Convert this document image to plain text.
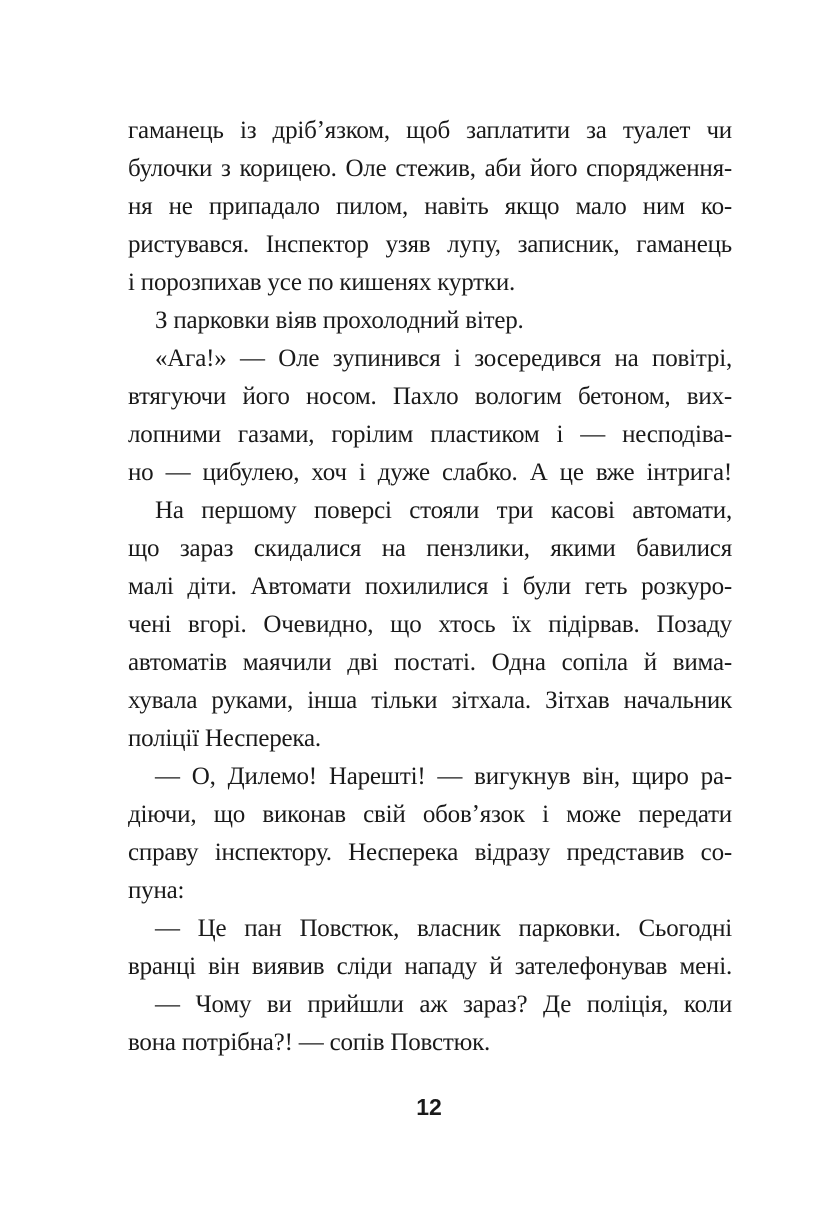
гаманець із дрібʼязком, щоб заплатити за туалет чи
булочки з корицею. Оле стежив, аби його спорядження-
ня не припадало пилом, навіть якщо мало ним ко-
ристувався. Інспектор узяв лупу, записник, гаманець
і порозпихав усе по кишенях куртки.
З парковки віяв прохолодний вітер.
«Ага!» — Оле зупинився і зосередився на повітрі,
втягуючи його носом. Пахло вологим бетоном, вих-
лопними газами, горілим пластиком і — несподіва-
но — цибулею, хоч і дуже слабко. А це вже інтрига!
На першому поверсі стояли три касові автомати,
що зараз скидалися на пензлики, якими бавилися
малі діти. Автомати похилилися і були геть розкуро-
чені вгорі. Очевидно, що хтось їх підірвав. Позаду
автоматів маячили дві постаті. Одна сопіла й вима-
хувала руками, інша тільки зітхала. Зітхав начальник
поліції Несперека.
— О, Дилемо! Нарешті! — вигукнув він, щиро ра-
діючи, що виконав свій обовʼязок і може передати
справу інспектору. Несперека відразу представив со-
пуна:
— Це пан Повстюк, власник парковки. Сьогодні
вранці він виявив сліди нападу й зателефонував мені.
— Чому ви прийшли аж зараз? Де поліція, коли
вона потрібна?! — сопів Повстюк.
12
